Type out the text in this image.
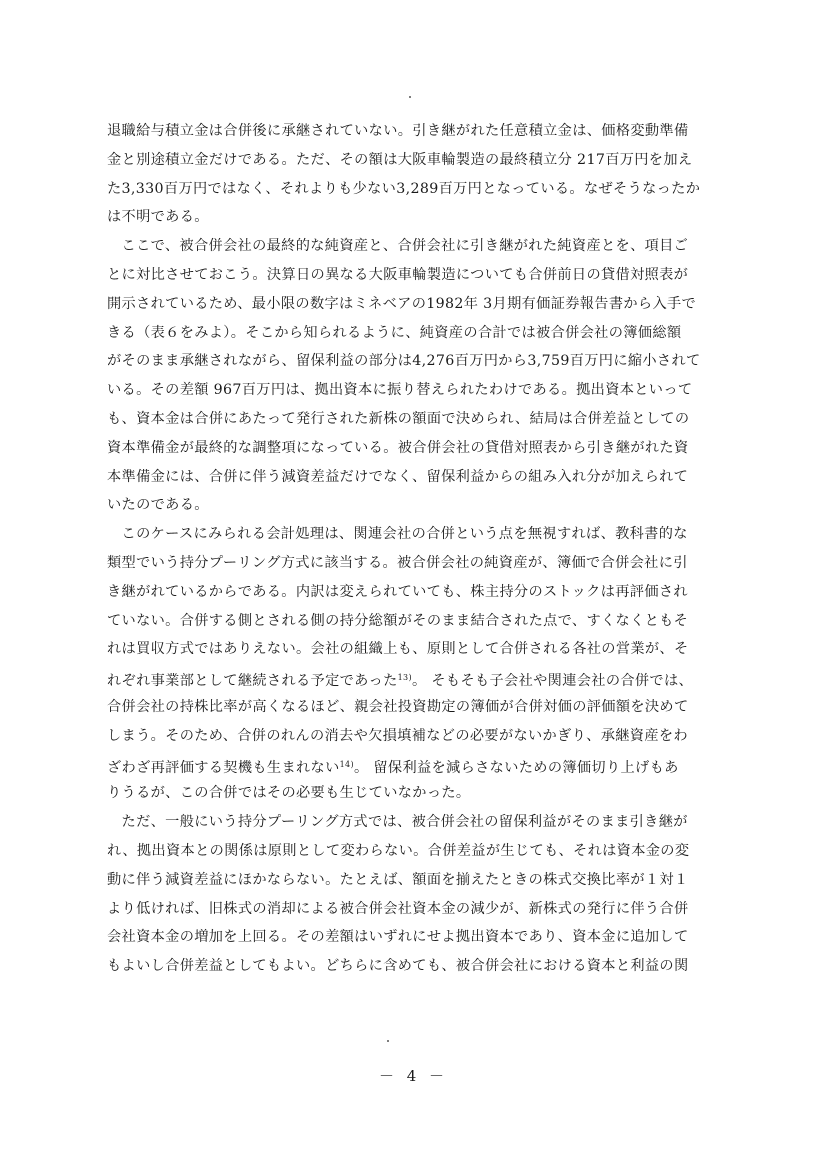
退職給与積立金は合併後に承継されていない。引き継がれた任意積立金は、価格変動準備
金と別途積立金だけである。ただ、その額は大阪車輪製造の最終積立分 217百万円を加え
た3,330百万円ではなく、それよりも少ない3,289百万円となっている。なぜそうなったか
は不明である。
　ここで、被合併会社の最終的な純資産と、合併会社に引き継がれた純資産とを、項目ご
とに対比させておこう。決算日の異なる大阪車輪製造についても合併前日の貸借対照表が
開示されているため、最小限の数字はミネベアの1982年 3月期有価証券報告書から入手で
きる（表６をみよ）。そこから知られるように、純資産の合計では被合併会社の簿価総額
がそのまま承継されながら、留保利益の部分は4,276百万円から3,759百万円に縮小されて
いる。その差額 967百万円は、拠出資本に振り替えられたわけである。拠出資本といって
も、資本金は合併にあたって発行された新株の額面で決められ、結局は合併差益としての
資本準備金が最終的な調整項になっている。被合併会社の貸借対照表から引き継がれた資
本準備金には、合併に伴う減資差益だけでなく、留保利益からの組み入れ分が加えられて
いたのである。
　このケースにみられる会計処理は、関連会社の合併という点を無視すれば、教科書的な
類型でいう持分プーリング方式に該当する。被合併会社の純資産が、簿価で合併会社に引
き継がれているからである。内訳は変えられていても、株主持分のストックは再評価され
ていない。合併する側とされる側の持分総額がそのまま結合された点で、すくなくともそ
れは買収方式ではありえない。会社の組織上も、原則として合併される各社の営業が、そ
れぞれ事業部として継続される予定であった$^{13)}$。 そもそも子会社や関連会社の合併では、
合併会社の持株比率が高くなるほど、親会社投資勘定の簿価が合併対価の評価額を決めて
しまう。そのため、合併のれんの消去や欠損填補などの必要がないかぎり、承継資産をわ
ざわざ再評価する契機も生まれない$^{14)}$。 留保利益を減らさないための簿価切り上げもあ
りうるが、この合併ではその必要も生じていなかった。
　ただ、一般にいう持分プーリング方式では、被合併会社の留保利益がそのまま引き継が
れ、拠出資本との関係は原則として変わらない。合併差益が生じても、それは資本金の変
動に伴う減資差益にほかならない。たとえば、額面を揃えたときの株式交換比率が１対１
より低ければ、旧株式の消却による被合併会社資本金の減少が、新株式の発行に伴う合併
会社資本金の増加を上回る。その差額はいずれにせよ拠出資本であり、資本金に追加して
もよいし合併差益としてもよい。どちらに含めても、被合併会社における資本と利益の関
－ 4 －
